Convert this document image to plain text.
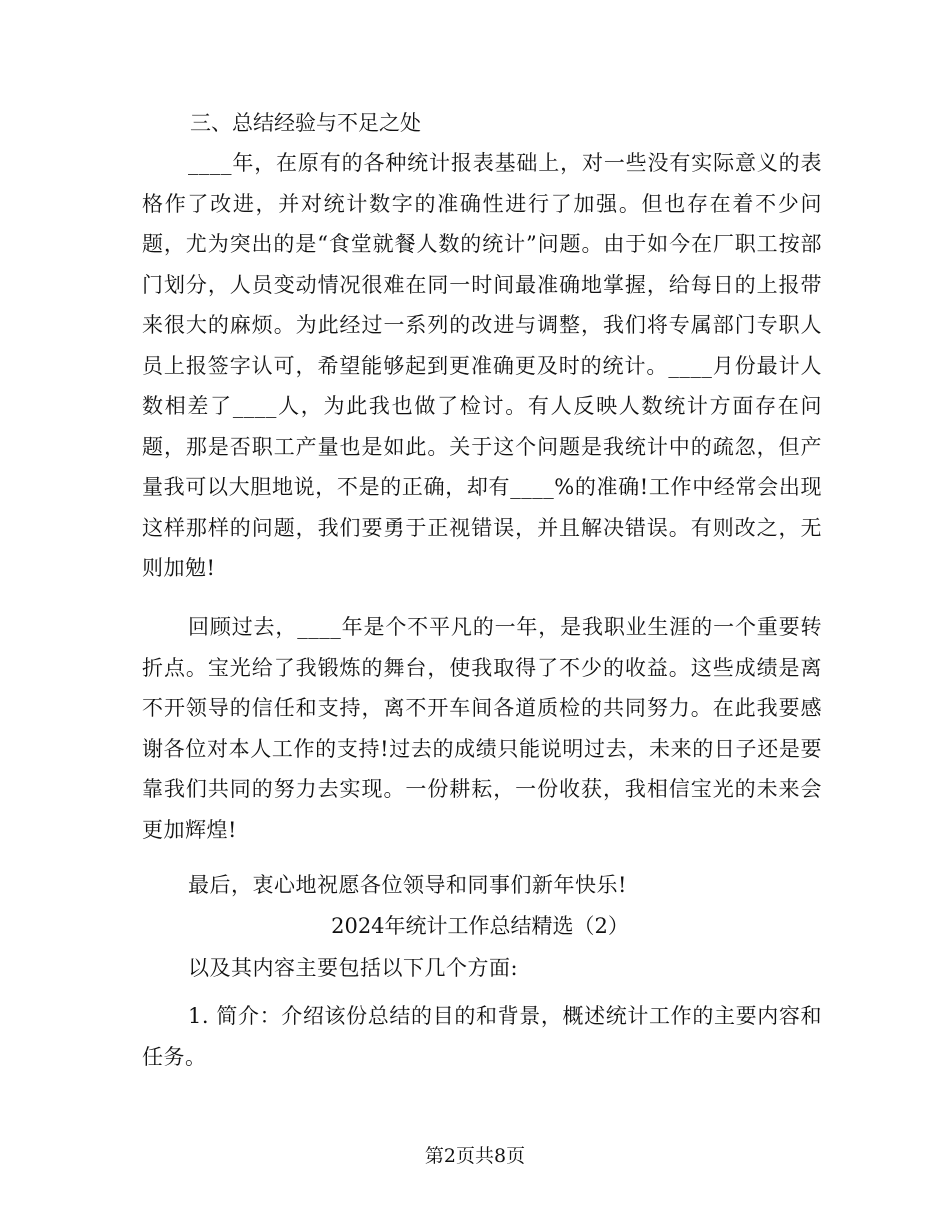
三、总结经验与不足之处

____年，在原有的各种统计报表基础上，对一些没有实际意义的表格作了改进，并对统计数字的准确性进行了加强。但也存在着不少问题，尤为突出的是“食堂就餐人数的统计”问题。由于如今在厂职工按部门划分，人员变动情况很难在同一时间最准确地掌握，给每日的上报带来很大的麻烦。为此经过一系列的改进与调整，我们将专属部门专职人员上报签字认可，希望能够起到更准确更及时的统计。____月份最计人数相差了____人，为此我也做了检讨。有人反映人数统计方面存在问题，那是否职工产量也是如此。关于这个问题是我统计中的疏忽，但产量我可以大胆地说，不是的正确，却有____%的准确!工作中经常会出现这样那样的问题，我们要勇于正视错误，并且解决错误。有则改之，无则加勉!

回顾过去，____年是个不平凡的一年，是我职业生涯的一个重要转折点。宝光给了我锻炼的舞台，使我取得了不少的收益。这些成绩是离不开领导的信任和支持，离不开车间各道质检的共同努力。在此我要感谢各位对本人工作的支持!过去的成绩只能说明过去，未来的日子还是要靠我们共同的努力去实现。一份耕耘，一份收获，我相信宝光的未来会更加辉煌!

最后，衷心地祝愿各位领导和同事们新年快乐!

2024年统计工作总结精选（2）

以及其内容主要包括以下几个方面:

1. 简介：介绍该份总结的目的和背景，概述统计工作的主要内容和任务。

第2页共8页
